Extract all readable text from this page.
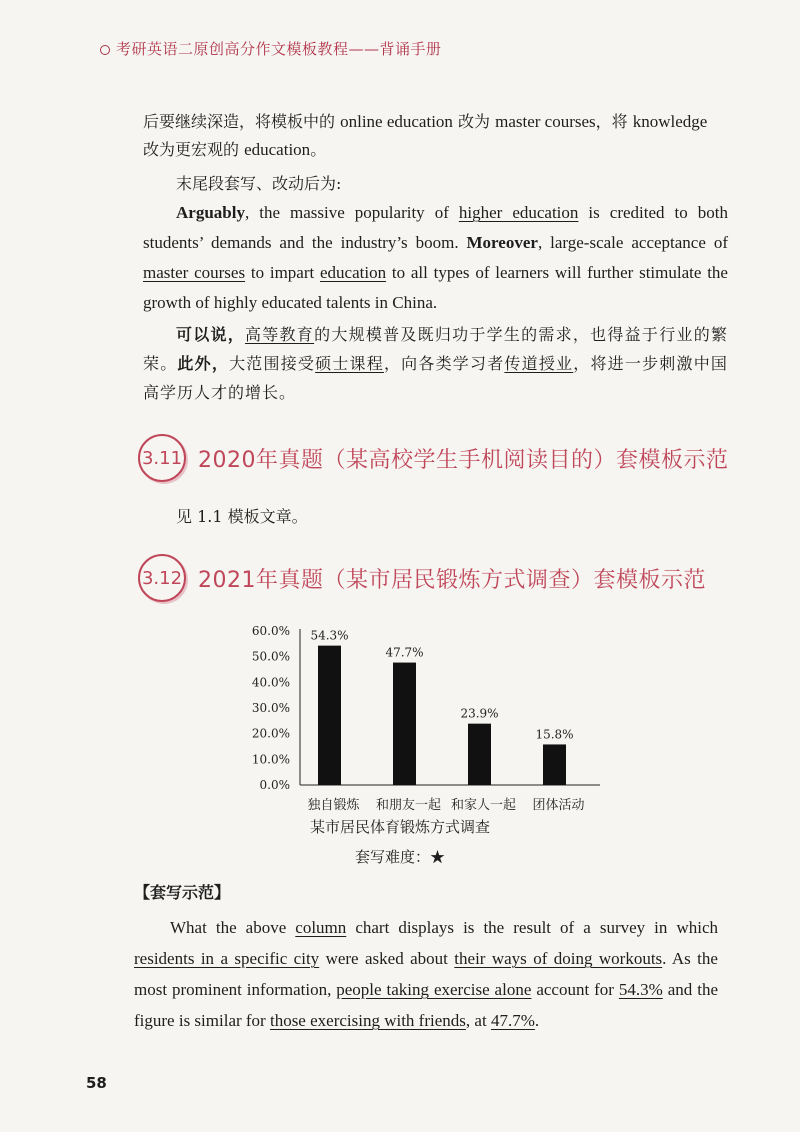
考研英语二原创高分作文模板教程——背诵手册
后要继续深造，将模板中的 online education 改为 master courses，将 knowledge
改为更宏观的 education。
末尾段套写、改动后为:
Arguably, the massive popularity of higher education is credited to both students’ demands and the industry’s boom. Moreover, large-scale acceptance of master courses to impart education to all types of learners will further stimulate the growth of highly educated talents in China.
可以说，高等教育的大规模普及既归功于学生的需求，也得益于行业的繁荣。此外，大范围接受硕士课程，向各类学习者传道授业，将进一步刺激中国高学历人才的增长。
3.11 2020年真题（某高校学生手机阅读目的）套模板示范
见 1.1 模板文章。
3.12 2021年真题（某市居民锻炼方式调查）套模板示范
0.0%
10.0%
20.0%
30.0%
40.0%
50.0%
60.0% 54.3%
独自锻炼
47.7%
和朋友一起
23.9%
和家人一起
15.8%
团体活动
某市居民体育锻炼方式调查
套写难度：★
【套写示范】
What the above column chart displays is the result of a survey in which residents in a specific city were asked about their ways of doing workouts. As the most prominent information, people taking exercise alone account for 54.3% and the figure is similar for those exercising with friends, at 47.7%.
58
